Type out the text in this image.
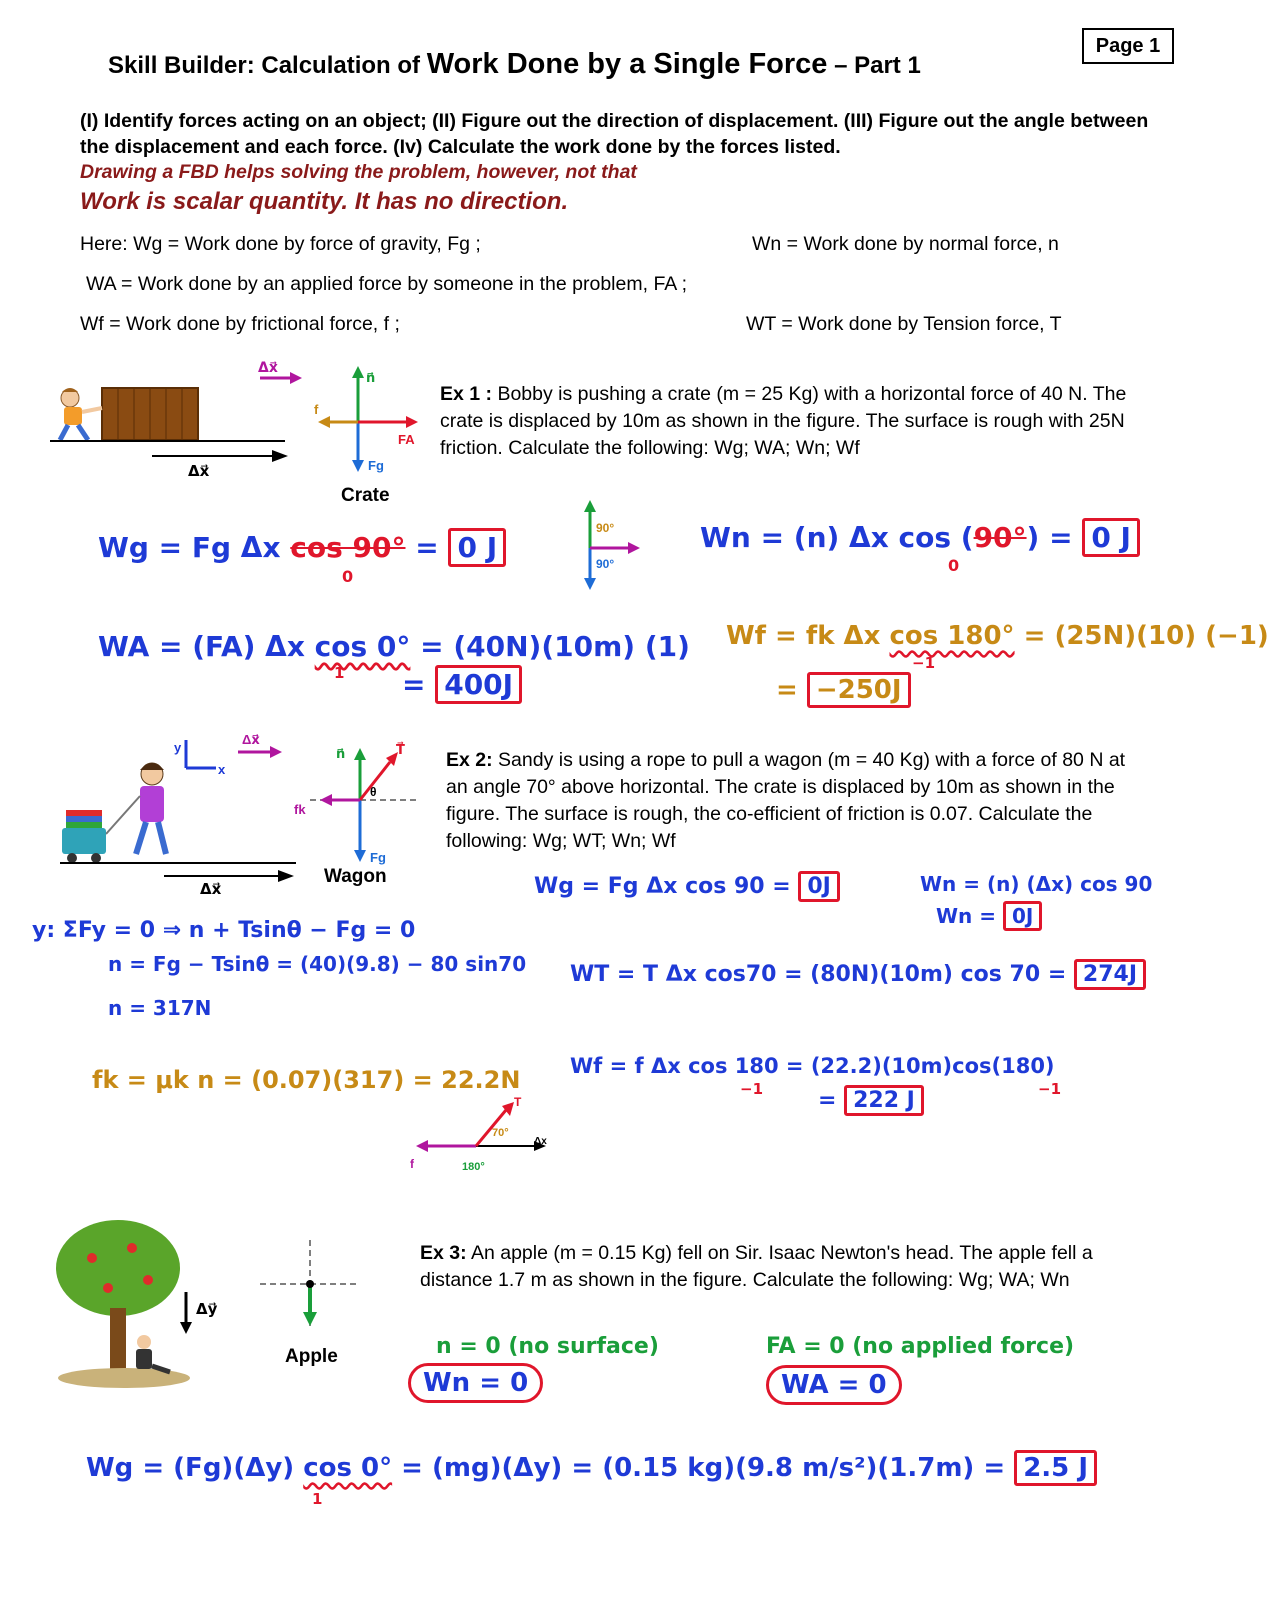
Page 1
Skill Builder: Calculation of Work Done by a Single Force – Part 1
(I) Identify forces acting on an object; (II) Figure out the direction of displacement. (III) Figure out the angle between the displacement and each force. (Iv) Calculate the work done by the forces listed.
Drawing a FBD helps solving the problem, however, not that
Work is scalar quantity. It has no direction.
Here: Wg = Work done by force of gravity, Fg ;	Wn = Work done by normal force, n
WA = Work done by an applied force by someone in the problem, FA ;
Wf = Work done by frictional force, f ;	WT = Work done by Tension force, T
Δx⃗
Δx⃗
n⃗
Fg
FA
f
Crate
Ex 1 : Bobby is pushing a crate (m = 25 Kg) with a horizontal force of 40 N. The crate is displaced by 10m as shown in the figure. The surface is rough with 25N friction. Calculate the following: Wg; WA; Wn; Wf
Wg = Fg Δx cos 90° = 0 J
0
90°
90°
Wn = (n) Δx cos (90°) = 0 J
0
WA = (FA) Δx cos 0° = (40N)(10m) (1)
1 = 400J
Wf = fk Δx cos 180° = (25N)(10) (−1)
−1
= −250J
y
x
Δx⃗
Δx⃗
n⃗	T⃗
θ
fk
Fg
Wagon
Ex 2: Sandy is using a rope to pull a wagon (m = 40 Kg) with a force of 80 N at an angle 70° above horizontal. The crate is displaced by 10m as shown in the figure. The surface is rough, the co-efficient of friction is 0.07. Calculate the following: Wg; WT; Wn; Wf
Wg = Fg Δx cos 90 = 0J	Wn = (n) (Δx) cos 90
Wn = 0J
y: ΣFy = 0 ⇒ n + Tsinθ − Fg = 0
n = Fg − Tsinθ = (40)(9.8) − 80 sin70
n = 317N
WT = T Δx cos70 = (80N)(10m) cos 70 = 274J
fk = μk n = (0.07)(317) = 22.2N Wf = f Δx cos 180 = (22.2)(10m)cos(180)
−1	−1
= 222 J
70°
180°
f
T
Δx
Δy⃗
Apple
Ex 3: An apple (m = 0.15 Kg) fell on Sir. Isaac Newton's head. The apple fell a distance 1.7 m as shown in the figure. Calculate the following: Wg; WA; Wn
n = 0 (no surface)
Wn = 0
FA = 0 (no applied force)
WA = 0
Wg = (Fg)(Δy) cos 0° = (mg)(Δy) = (0.15 kg)(9.8 m/s²)(1.7m) = 2.5 J
1
